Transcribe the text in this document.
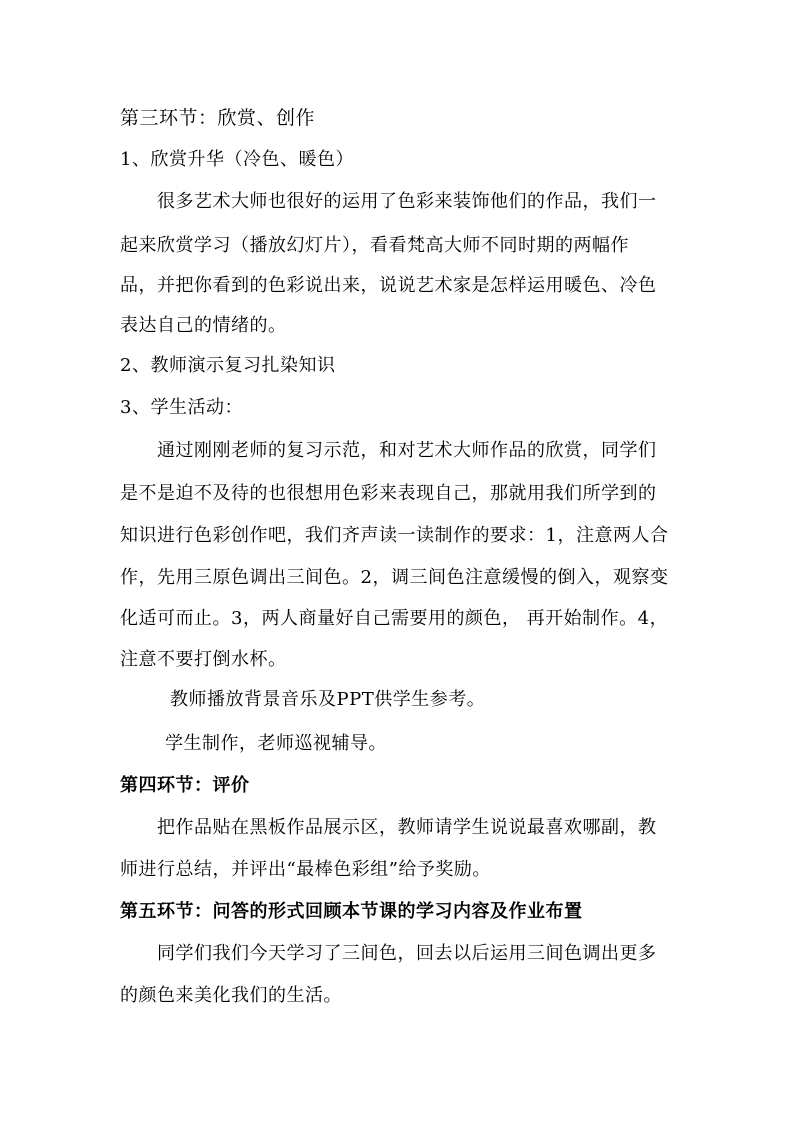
第三环节：欣赏、创作
1、欣赏升华（冷色、暖色）
很多艺术大师也很好的运用了色彩来装饰他们的作品，我们一
起来欣赏学习（播放幻灯片），看看梵高大师不同时期的两幅作
品，并把你看到的色彩说出来，说说艺术家是怎样运用暖色、冷色
表达自己的情绪的。
2、教师演示复习扎染知识
3、学生活动：
通过刚刚老师的复习示范，和对艺术大师作品的欣赏，同学们
是不是迫不及待的也很想用色彩来表现自己，那就用我们所学到的
知识进行色彩创作吧，我们齐声读一读制作的要求：1，注意两人合
作，先用三原色调出三间色。2，调三间色注意缓慢的倒入，观察变
化适可而止。3，两人商量好自己需要用的颜色， 再开始制作。4，
注意不要打倒水杯。
教师播放背景音乐及PPT供学生参考。
学生制作，老师巡视辅导。
第四环节：评价
把作品贴在黑板作品展示区，教师请学生说说最喜欢哪副，教
师进行总结，并评出“最棒色彩组”给予奖励。
第五环节：问答的形式回顾本节课的学习内容及作业布置
同学们我们今天学习了三间色，回去以后运用三间色调出更多
的颜色来美化我们的生活。
